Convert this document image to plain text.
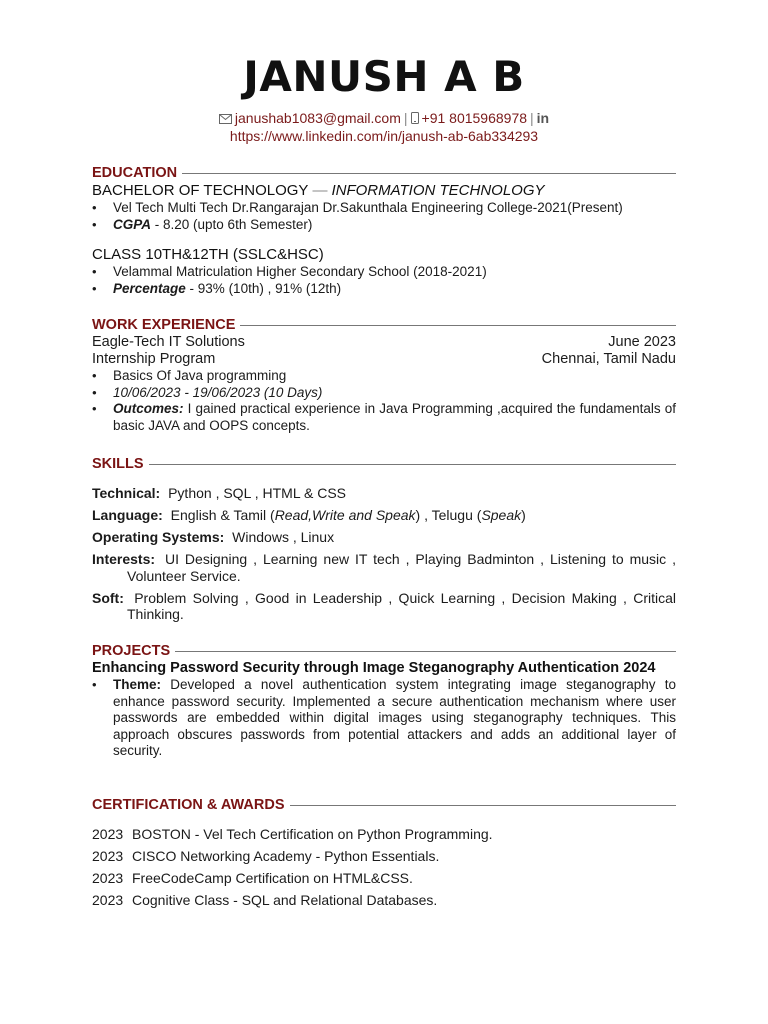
JANUSH A B
janushab1083@gmail.com | +91 8015968978 | in
https://www.linkedin.com/in/janush-ab-6ab334293
EDUCATION
BACHELOR OF TECHNOLOGY — INFORMATION TECHNOLOGY
• Vel Tech Multi Tech Dr.Rangarajan Dr.Sakunthala Engineering College-2021(Present)
• CGPA - 8.20 (upto 6th Semester)
CLASS 10TH&12TH (SSLC&HSC)
• Velammal Matriculation Higher Secondary School (2018-2021)
• Percentage - 93% (10th) , 91% (12th)
WORK EXPERIENCE
Eagle-Tech IT Solutions	June 2023
Internship Program	Chennai, Tamil Nadu
• Basics Of Java programming
• 10/06/2023 - 19/06/2023 (10 Days)
• Outcomes: I gained practical experience in Java Programming ,acquired the fundamentals of basic JAVA and OOPS concepts.
SKILLS
Technical: Python , SQL , HTML & CSS
Language: English & Tamil (Read,Write and Speak) , Telugu (Speak)
Operating Systems: Windows , Linux
Interests: UI Designing , Learning new IT tech , Playing Badminton , Listening to music , Volunteer Service.
Soft: Problem Solving , Good in Leadership , Quick Learning , Decision Making , Critical Thinking.
PROJECTS
Enhancing Password Security through Image Steganography Authentication 2024
• Theme: Developed a novel authentication system integrating image steganography to enhance password security. Implemented a secure authentication mechanism where user passwords are embedded within digital images using steganography techniques. This approach obscures passwords from potential attackers and adds an additional layer of security.
CERTIFICATION & AWARDS
2023 BOSTON - Vel Tech Certification on Python Programming.
2023 CISCO Networking Academy - Python Essentials.
2023 FreeCodeCamp Certification on HTML&CSS.
2023 Cognitive Class - SQL and Relational Databases.
